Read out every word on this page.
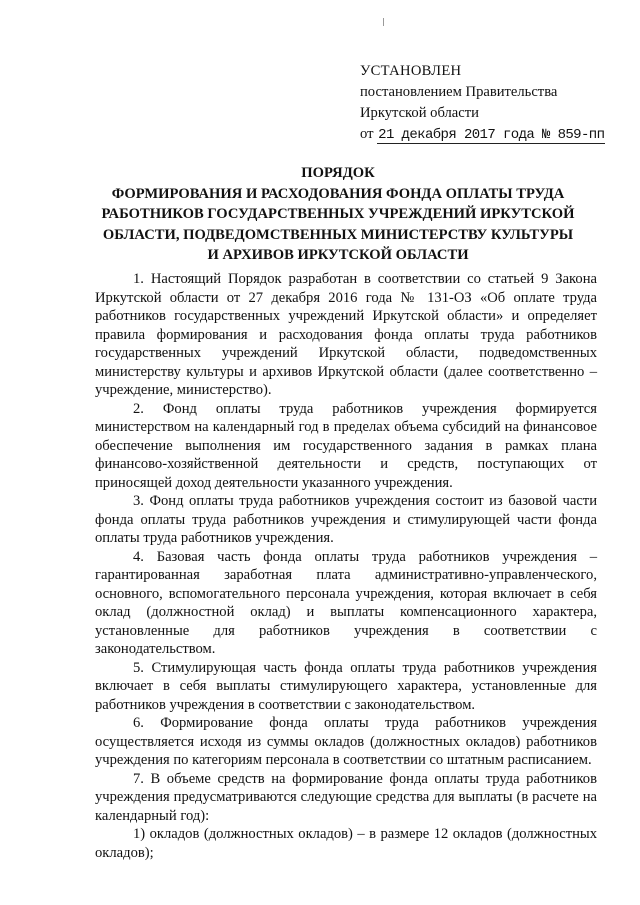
УСТАНОВЛЕН
постановлением Правительства
Иркутской области
от 21 декабря 2017 года № 859-пп
ПОРЯДОК
ФОРМИРОВАНИЯ И РАСХОДОВАНИЯ ФОНДА ОПЛАТЫ ТРУДА
РАБОТНИКОВ ГОСУДАРСТВЕННЫХ УЧРЕЖДЕНИЙ ИРКУТСКОЙ
ОБЛАСТИ, ПОДВЕДОМСТВЕННЫХ МИНИСТЕРСТВУ КУЛЬТУРЫ
И АРХИВОВ ИРКУТСКОЙ ОБЛАСТИ

1. Настоящий Порядок разработан в соответствии со статьей 9 Закона Иркутской области от 27 декабря 2016 года № 131-ОЗ «Об оплате труда работников государственных учреждений Иркутской области» и определяет правила формирования и расходования фонда оплаты труда работников государственных учреждений Иркутской области, подведомственных министерству культуры и архивов Иркутской области (далее соответственно – учреждение, министерство).

2. Фонд оплаты труда работников учреждения формируется министерством на календарный год в пределах объема субсидий на финансовое обеспечение выполнения им государственного задания в рамках плана финансово-хозяйственной деятельности и средств, поступающих от приносящей доход деятельности указанного учреждения.

3. Фонд оплаты труда работников учреждения состоит из базовой части фонда оплаты труда работников учреждения и стимулирующей части фонда оплаты труда работников учреждения.

4. Базовая часть фонда оплаты труда работников учреждения – гарантированная заработная плата административно-управленческого, основного, вспомогательного персонала учреждения, которая включает в себя оклад (должностной оклад) и выплаты компенсационного характера, установленные для работников учреждения в соответствии с законодательством.

5. Стимулирующая часть фонда оплаты труда работников учреждения включает в себя выплаты стимулирующего характера, установленные для работников учреждения в соответствии с законодательством.

6. Формирование фонда оплаты труда работников учреждения осуществляется исходя из суммы окладов (должностных окладов) работников учреждения по категориям персонала в соответствии со штатным расписанием.

7. В объеме средств на формирование фонда оплаты труда работников учреждения предусматриваются следующие средства для выплаты (в расчете на календарный год):

1) окладов (должностных окладов) – в размере 12 окладов (должностных окладов);
